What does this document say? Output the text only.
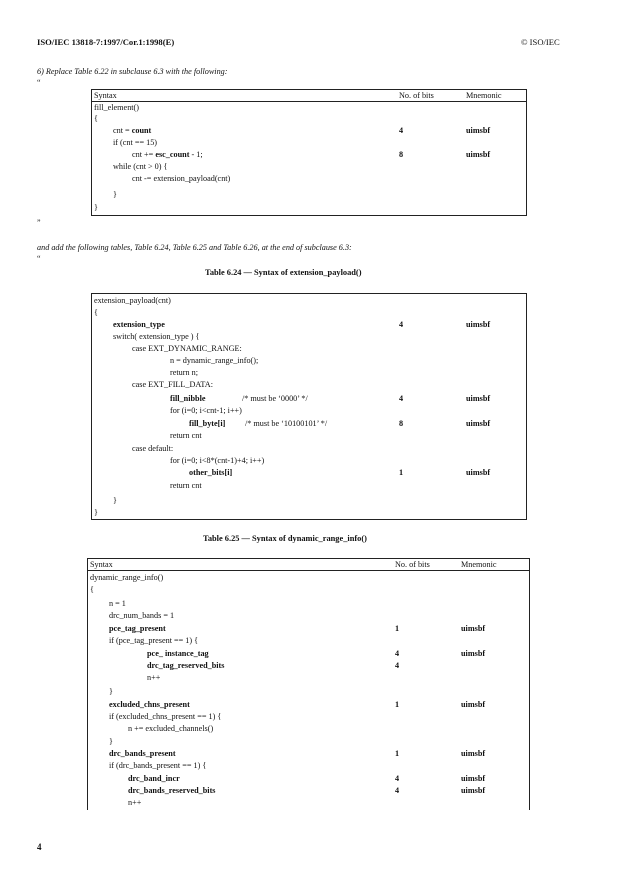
ISO/IEC 13818-7:1997/Cor.1:1998(E)	© ISO/IEC
6) Replace Table 6.22 in subclause 6.3 with the following:
“
Syntax	No. of bits	Mnemonic
fill_element()
{
cnt = count	4	uimsbf
if (cnt == 15)
cnt += esc_count - 1;	8	uimsbf
while (cnt > 0) {
cnt -= extension_payload(cnt)
}
}
”
and add the following tables, Table 6.24, Table 6.25 and Table 6.26, at the end of subclause 6.3:
“
Table 6.24 — Syntax of extension_payload()
extension_payload(cnt)
{
extension_type	4	uimsbf
switch( extension_type ) {
case EXT_DYNAMIC_RANGE:
n = dynamic_range_info();
return n;
case EXT_FILL_DATA:
fill_nibble	/* must be ‘0000’ */	4	uimsbf
for (i=0; i<cnt-1; i++)
fill_byte[i] /* must be ‘10100101’ */	8	uimsbf
return cnt
case default:
for (i=0; i<8*(cnt-1)+4; i++)
other_bits[i]	1	uimsbf
return cnt
}
}
Table 6.25 — Syntax of dynamic_range_info()
Syntax	No. of bits	Mnemonic
dynamic_range_info()
{
n = 1
drc_num_bands = 1
pce_tag_present	1	uimsbf
if (pce_tag_present == 1) {
pce_ instance_tag	4	uimsbf
drc_tag_reserved_bits	4
n++
}
excluded_chns_present	1	uimsbf
if (excluded_chns_present == 1) {
n += excluded_channels()
}
drc_bands_present	1	uimsbf
if (drc_bands_present == 1) {
drc_band_incr	4	uimsbf
drc_bands_reserved_bits	4	uimsbf
n++
4
